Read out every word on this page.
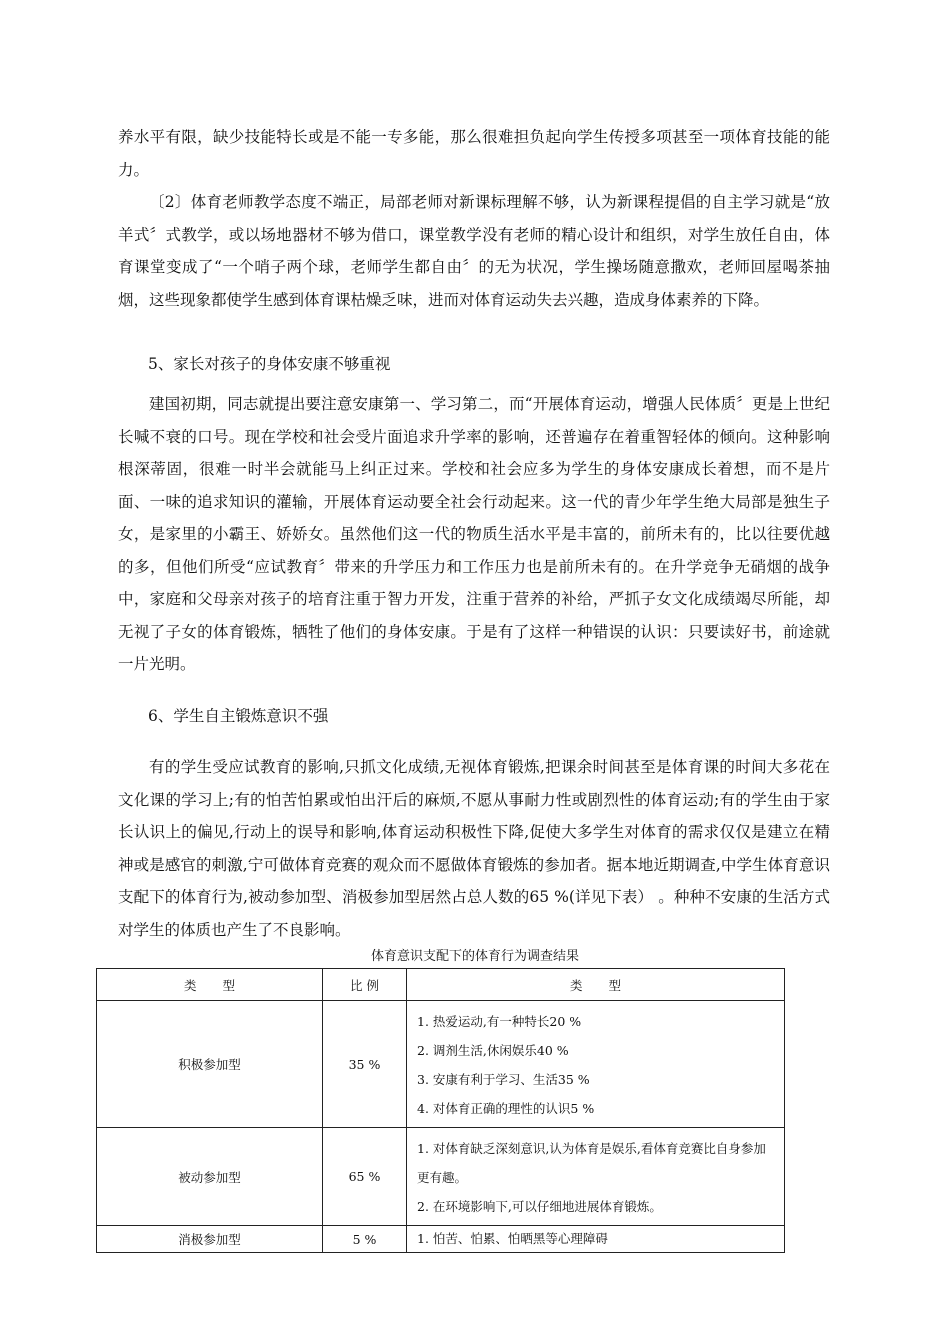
养水平有限，缺少技能特长或是不能一专多能，那么很难担负起向学生传授多项甚至一项体育技能的能力。

〔2〕体育老师教学态度不端正，局部老师对新课标理解不够，认为新课程提倡的自主学习就是“放羊式〞式教学，或以场地器材不够为借口，课堂教学没有老师的精心设计和组织，对学生放任自由，体育课堂变成了“一个哨子两个球，老师学生都自由〞的无为状况，学生操场随意撒欢，老师回屋喝茶抽烟，这些现象都使学生感到体育课枯燥乏味，进而对体育运动失去兴趣，造成身体素养的下降。

5、家长对孩子的身体安康不够重视

建国初期，同志就提出要注意安康第一、学习第二，而“开展体育运动，增强人民体质〞更是上世纪长喊不衰的口号。现在学校和社会受片面追求升学率的影响，还普遍存在着重智轻体的倾向。这种影响根深蒂固，很难一时半会就能马上纠正过来。学校和社会应多为学生的身体安康成长着想，而不是片面、一味的追求知识的灌输，开展体育运动要全社会行动起来。这一代的青少年学生绝大局部是独生子女，是家里的小霸王、娇娇女。虽然他们这一代的物质生活水平是丰富的，前所未有的，比以往要优越的多，但他们所受“应试教育〞带来的升学压力和工作压力也是前所未有的。在升学竞争无硝烟的战争中，家庭和父母亲对孩子的培育注重于智力开发，注重于营养的补给，严抓子女文化成绩竭尽所能，却无视了子女的体育锻炼，牺牲了他们的身体安康。于是有了这样一种错误的认识：只要读好书，前途就一片光明。

6、学生自主锻炼意识不强

有的学生受应试教育的影响,只抓文化成绩,无视体育锻炼,把课余时间甚至是体育课的时间大多花在文化课的学习上;有的怕苦怕累或怕出汗后的麻烦,不愿从事耐力性或剧烈性的体育运动;有的学生由于家长认识上的偏见,行动上的误导和影响,体育运动积极性下降,促使大多学生对体育的需求仅仅是建立在精神或是感官的刺激,宁可做体育竞赛的观众而不愿做体育锻炼的参加者。据本地近期调查,中学生体育意识支配下的体育行为,被动参加型、消极参加型居然占总人数的65 %(详见下表） 。种种不安康的生活方式对学生的体质也产生了不良影响。

体育意识支配下的体育行为调查结果

类 型	比 例	类 型
积极参加型	35 %	1. 热爱运动,有一种特长20 %
2. 调剂生活,休闲娱乐40 %
3. 安康有利于学习、生活35 %
4. 对体育正确的理性的认识5 %

被动参加型	65 %	1. 对体育缺乏深刻意识,认为体育是娱乐,看体育竞赛比自身参加更有趣。
2. 在环境影响下,可以仔细地进展体育锻炼。

消极参加型	5 %	1. 怕苦、怕累、怕晒黑等心理障碍
